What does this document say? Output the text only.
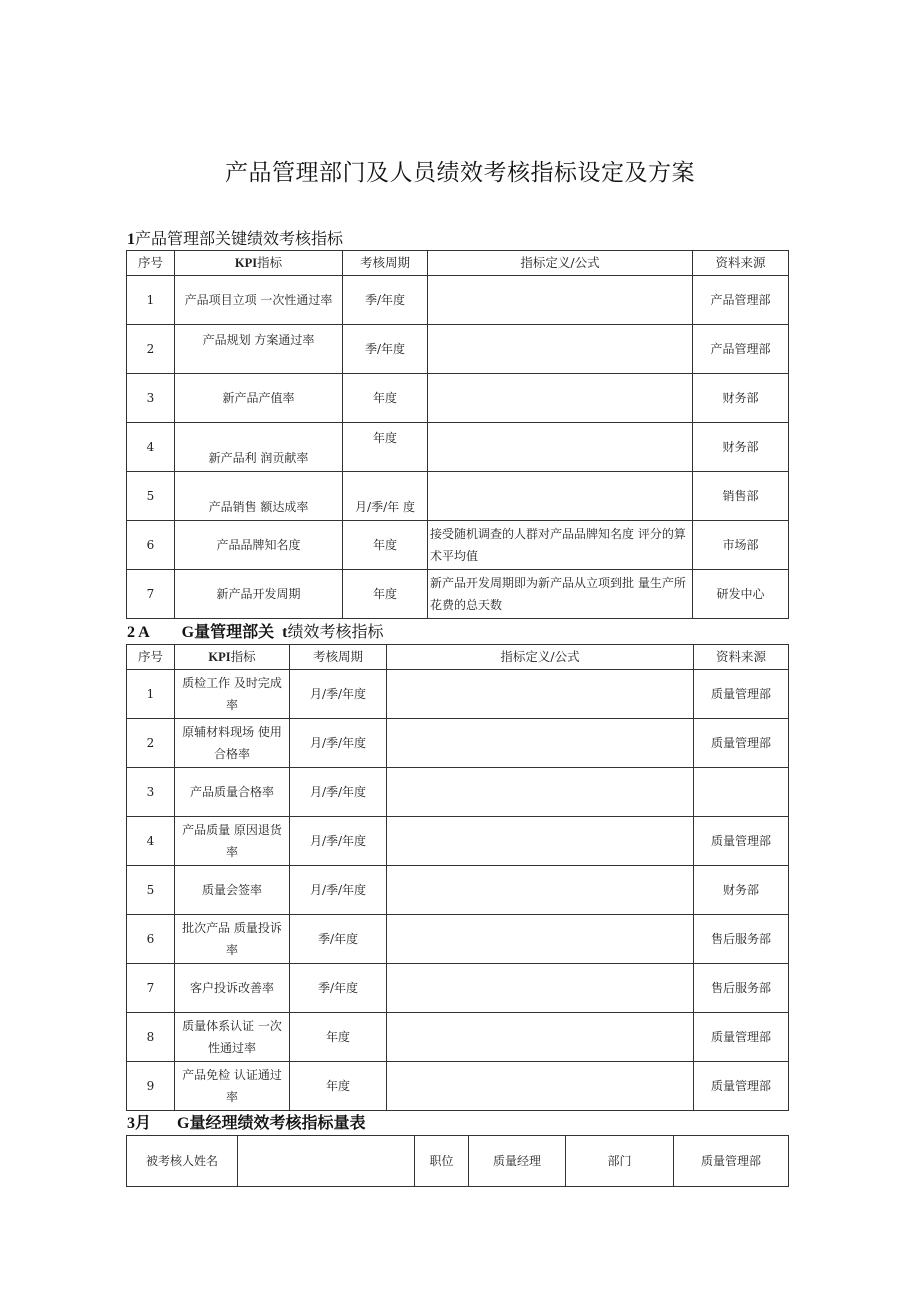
产品管理部门及人员绩效考核指标设定及方案
1产品管理部关键绩效考核指标
序号	KPI指标	考核周期	指标定义/公式	资料来源
1	产品项目立项 一次性通过率	季/年度		产品管理部
2	产品规划 方案通过率	季/年度		产品管理部
3	新产品产值率	年度		财务部
4	新产品利 润贡献率	年度		财务部
5	产品销售 额达成率	月/季/年 度		销售部
6	产品品牌知名度	年度	接受随机调查的人群对产品品牌知名度 评分的算术平均值	市场部
7	新产品开发周期	年度	新产品开发周期即为新产品从立项到批 量生产所花费的总天数	研发中心
2 A G量管理部关 t绩效考核指标
序号	KPI指标	考核周期	指标定义/公式	资料来源
1	质检工作 及时完成率	月/季/年度		质量管理部
2	原辅材料现场 使用合格率	月/季/年度		质量管理部
3	产品质量合格率	月/季/年度		
4	产品质量 原因退货率	月/季/年度		质量管理部
5	质量会签率	月/季/年度		财务部
6	批次产品 质量投诉率	季/年度		售后服务部
7	客户投诉改善率	季/年度		售后服务部
8	质量体系认证 一次性通过率	年度		质量管理部
9	产品免检 认证通过率	年度		质量管理部
3月 G量经理绩效考核指标量表
被考核人姓名		职位	质量经理	部门	质量管理部
